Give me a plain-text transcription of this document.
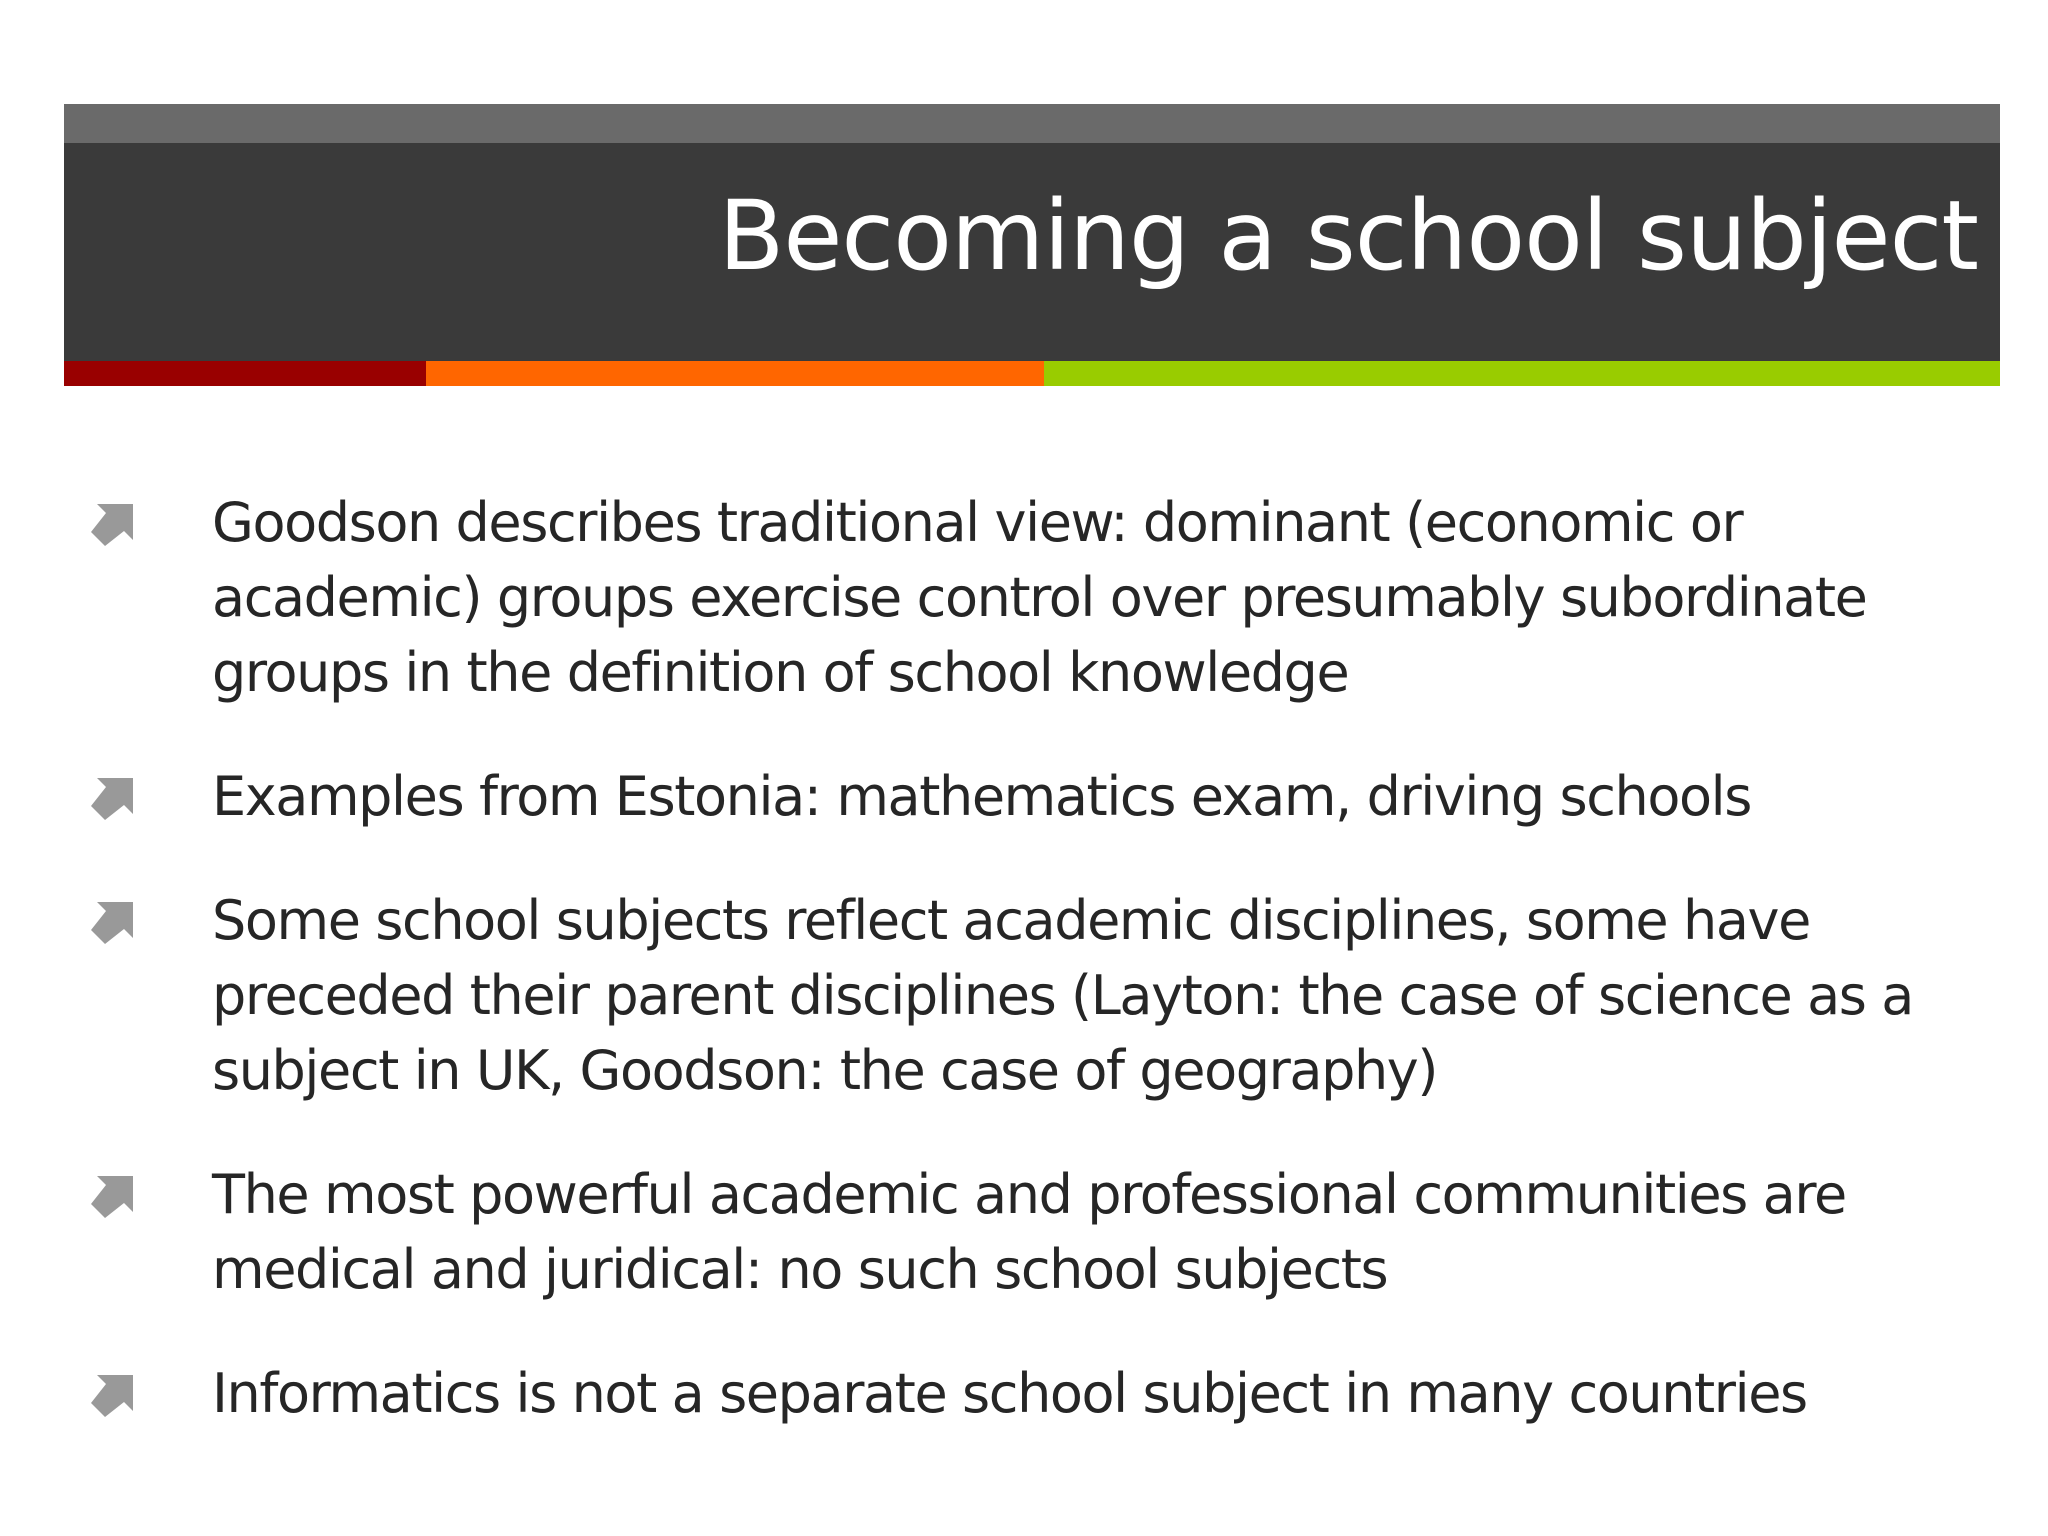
Becoming a school subject
Goodson describes traditional view: dominant (economic or academic) groups exercise control over presumably subordinate groups in the definition of school knowledge
Examples from Estonia: mathematics exam, driving schools
Some school subjects reflect academic disciplines, some have preceded their parent disciplines (Layton: the case of science as a subject in UK, Goodson: the case of geography)
The most powerful academic and professional communities are medical and juridical: no such school subjects
Informatics is not a separate school subject in many countries
